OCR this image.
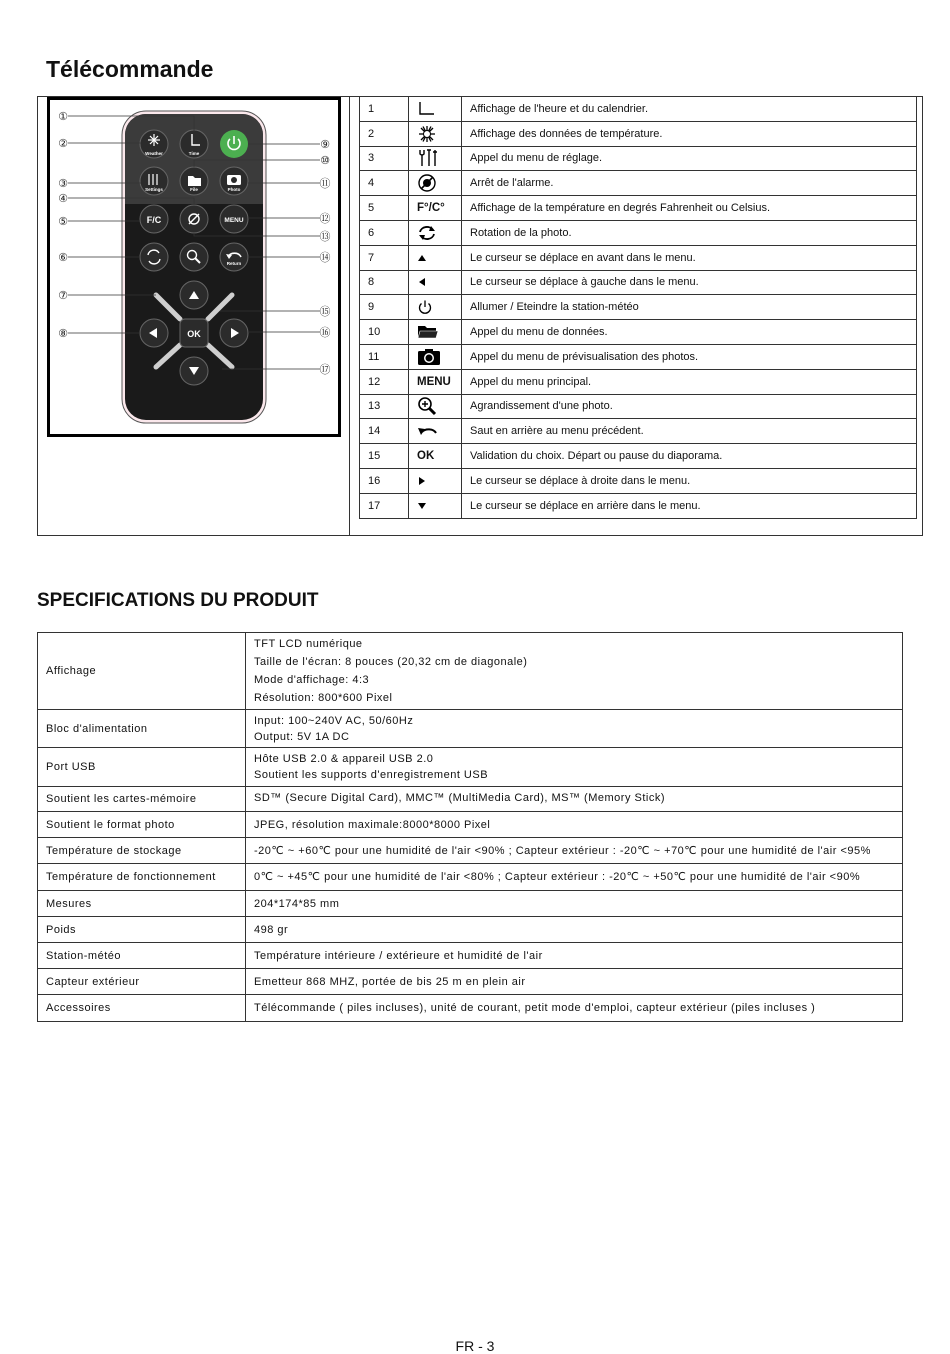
Télécommande
Weather	Time
Settings	File	Photo
F/C	MENU
Return
OK
①
②
③
④
⑤
⑥
⑦
⑧
⑨
⑩
⑪
⑫
⑬
⑭
⑮
⑯
⑰
1		Affichage de l'heure et du calendrier.
2		Affichage des données de température.
3		Appel du menu de réglage.
4		Arrêt de l'alarme.
5	F°/C°	Affichage de la température en degrés Fahrenheit ou Celsius.
6		Rotation de la photo.
7		Le curseur se déplace en avant dans le menu.
8		Le curseur se déplace à gauche dans le menu.
9		Allumer / Eteindre la station-météo
10		Appel du menu de données.
11		Appel du menu de prévisualisation des photos.
12	MENU	Appel du menu principal.
13		Agrandissement d'une photo.
14		Saut en arrière au menu précédent.
15	OK	Validation du choix. Départ ou pause du diaporama.
16		Le curseur se déplace à droite dans le menu.
17		Le curseur se déplace en arrière dans le menu.
SPECIFICATIONS DU PRODUIT
Affichage	TFT LCD numérique
Taille de l'écran: 8 pouces (20,32 cm de diagonale)
Mode d'affichage: 4:3
Résolution: 800*600 Pixel

Bloc d'alimentation	Input: 100~240V AC, 50/60Hz
Output: 5V 1A DC

Port USB	Hôte USB 2.0 & appareil USB 2.0
Soutient les supports d'enregistrement USB

Soutient les cartes-mémoire	SD™ (Secure Digital Card), MMC™ (MultiMedia Card), MS™ (Memory Stick)

Soutient le format photo	JPEG, résolution maximale:8000*8000 Pixel

Température de stockage	-20℃ ~ +60℃ pour une humidité de l'air <90% ; Capteur extérieur : -20℃ ~ +70℃ pour une humidité de l'air <95%

Température de fonctionnement	0℃ ~ +45℃ pour une humidité de l'air <80% ; Capteur extérieur : -20℃ ~ +50℃ pour une humidité de l'air <90%

Mesures	204*174*85 mm

Poids	498 gr

Station-météo	Température intérieure / extérieure et humidité de l'air

Capteur extérieur	Emetteur 868 MHZ, portée de bis 25 m en plein air

Accessoires	Télécommande ( piles incluses), unité de courant, petit mode d'emploi, capteur extérieur (piles incluses )
FR - 3
